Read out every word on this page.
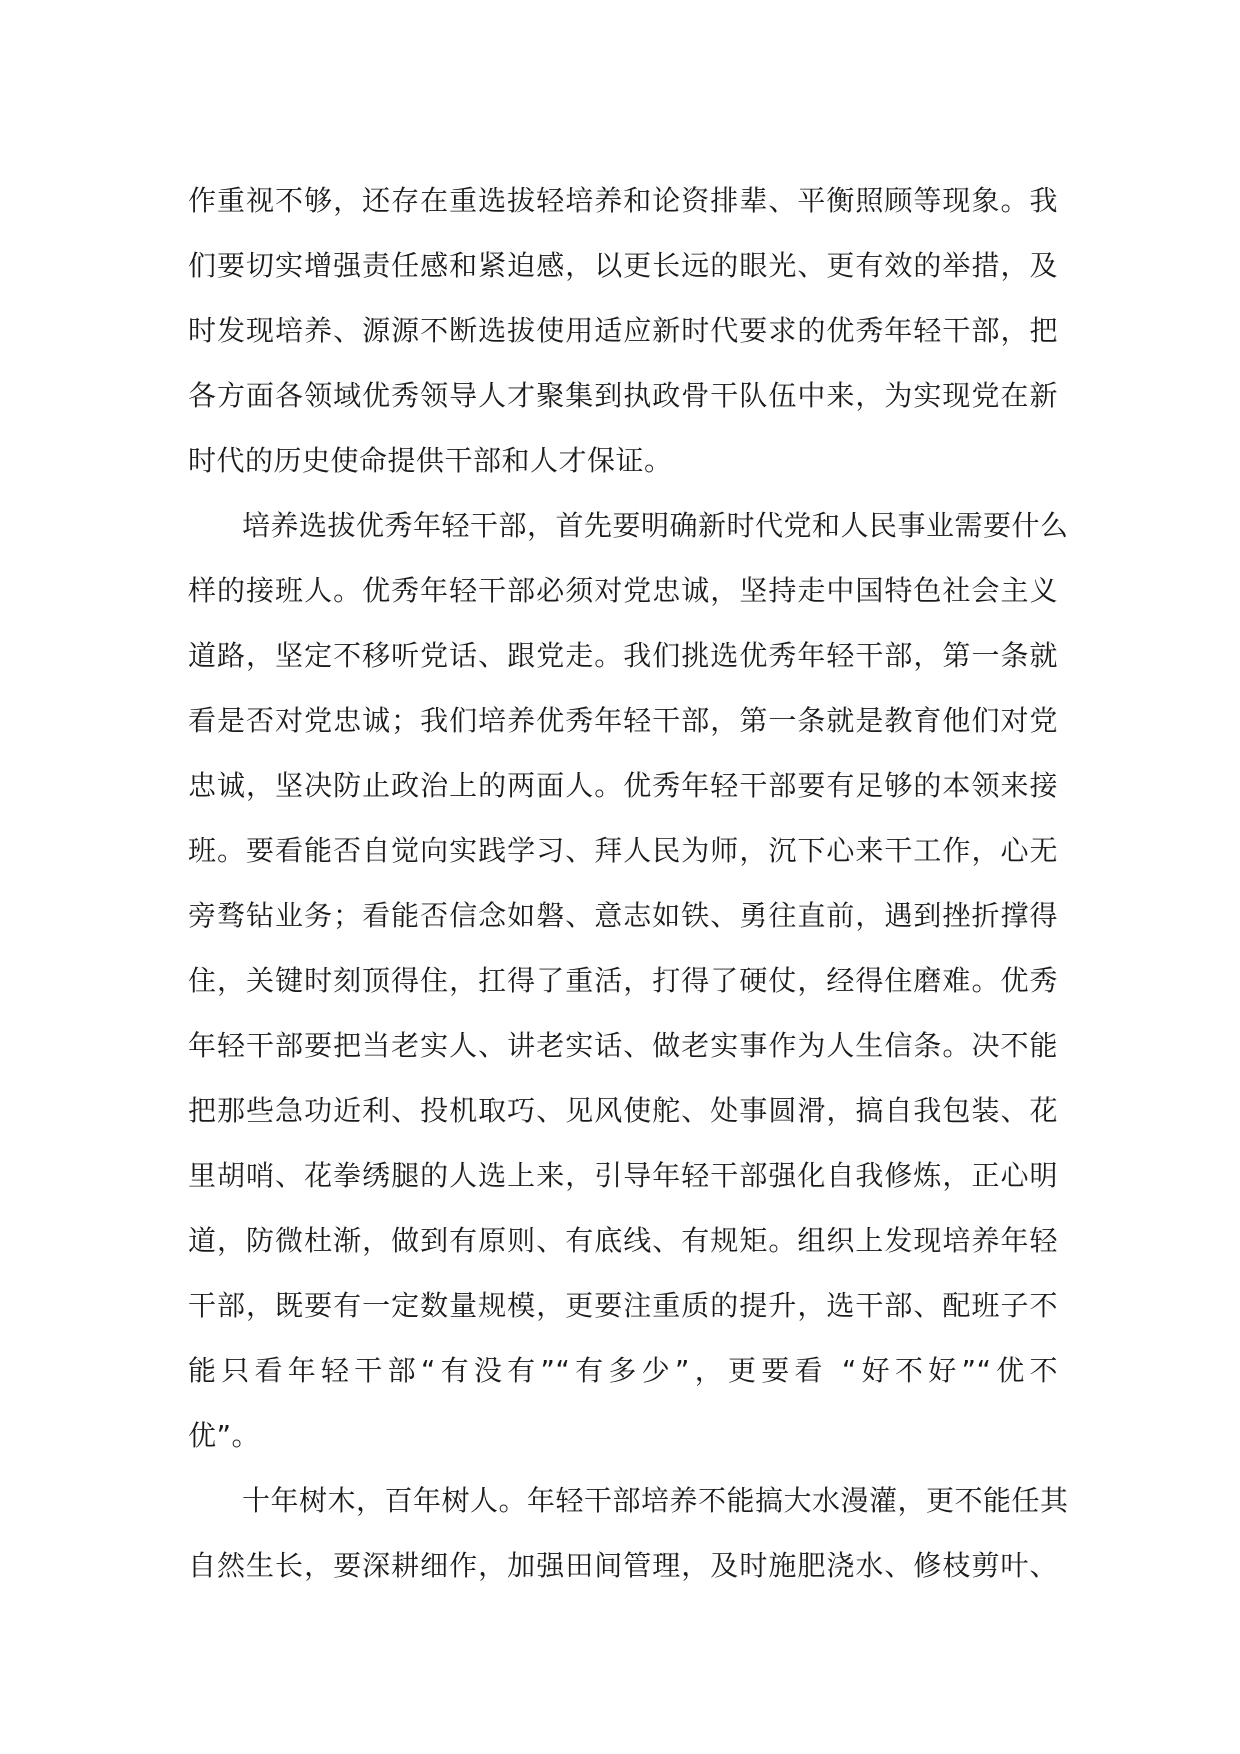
作重视不够，还存在重选拔轻培养和论资排辈、平衡照顾等现象。我
们要切实增强责任感和紧迫感，以更长远的眼光、更有效的举措，及
时发现培养、源源不断选拔使用适应新时代要求的优秀年轻干部，把
各方面各领域优秀领导人才聚集到执政骨干队伍中来，为实现党在新
时代的历史使命提供干部和人才保证。
培养选拔优秀年轻干部，首先要明确新时代党和人民事业需要什么
样的接班人。优秀年轻干部必须对党忠诚，坚持走中国特色社会主义
道路，坚定不移听党话、跟党走。我们挑选优秀年轻干部，第一条就
看是否对党忠诚；我们培养优秀年轻干部，第一条就是教育他们对党
忠诚，坚决防止政治上的两面人。优秀年轻干部要有足够的本领来接
班。要看能否自觉向实践学习、拜人民为师，沉下心来干工作，心无
旁骛钻业务；看能否信念如磐、意志如铁、勇往直前，遇到挫折撑得
住，关键时刻顶得住，扛得了重活，打得了硬仗，经得住磨难。优秀
年轻干部要把当老实人、讲老实话、做老实事作为人生信条。决不能
把那些急功近利、投机取巧、见风使舵、处事圆滑，搞自我包装、花
里胡哨、花拳绣腿的人选上来，引导年轻干部强化自我修炼，正心明
道，防微杜渐，做到有原则、有底线、有规矩。组织上发现培养年轻
干部，既要有一定数量规模，更要注重质的提升，选干部、配班子不
能只看年轻干部“有没有”“有多少”，更要看 “好不好”“优不
优”。
十年树木，百年树人。年轻干部培养不能搞大水漫灌，更不能任其
自然生长，要深耕细作，加强田间管理，及时施肥浇水、修枝剪叶、
